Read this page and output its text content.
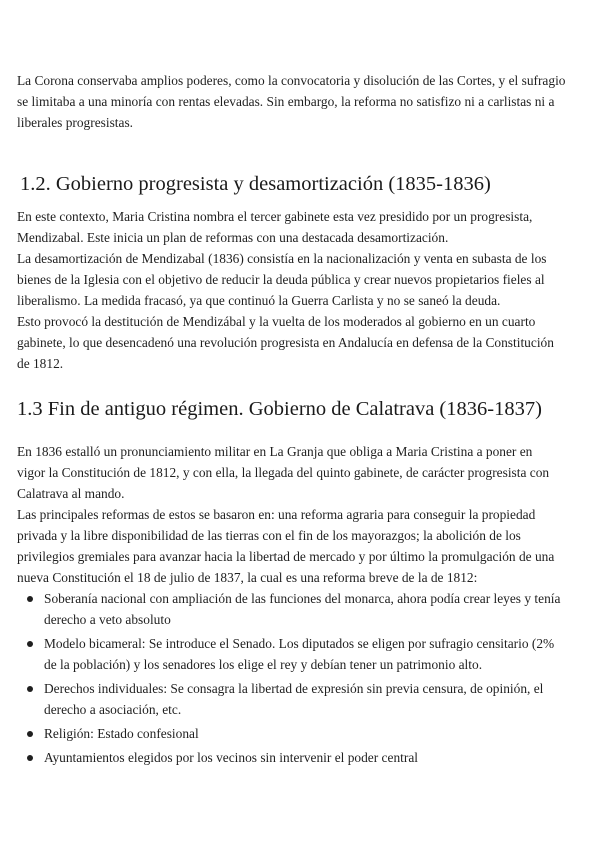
La Corona conservaba amplios poderes, como la convocatoria y disolución de las Cortes, y el sufragio
se limitaba a una minoría con rentas elevadas. Sin embargo, la reforma no satisfizo ni a carlistas ni a
liberales progresistas.

1.2. Gobierno progresista y desamortización (1835-1836)

En este contexto, Maria Cristina nombra el tercer gabinete esta vez presidido por un progresista,
Mendizabal. Este inicia un plan de reformas con una destacada desamortización.
La desamortización de Mendizabal (1836) consistía en la nacionalización y venta en subasta de los
bienes de la Iglesia con el objetivo de reducir la deuda pública y crear nuevos propietarios fieles al
liberalismo. La medida fracasó, ya que continuó la Guerra Carlista y no se saneó la deuda.
Esto provocó la destitución de Mendizábal y la vuelta de los moderados al gobierno en un cuarto
gabinete, lo que desencadenó una revolución progresista en Andalucía en defensa de la Constitución
de 1812.

1.3 Fin de antiguo régimen. Gobierno de Calatrava (1836-1837)

En 1836 estalló un pronunciamiento militar en La Granja que obliga a Maria Cristina a poner en
vigor la Constitución de 1812, y con ella, la llegada del quinto gabinete, de carácter progresista con
Calatrava al mando.
Las principales reformas de estos se basaron en: una reforma agraria para conseguir la propiedad
privada y la libre disponibilidad de las tierras con el fin de los mayorazgos; la abolición de los
privilegios gremiales para avanzar hacia la libertad de mercado y por último la promulgación de una
nueva Constitución el 18 de julio de 1837, la cual es una reforma breve de la de 1812:

Soberanía nacional con ampliación de las funciones del monarca, ahora podía crear leyes y tenía
derecho a veto absoluto
Modelo bicameral: Se introduce el Senado. Los diputados se eligen por sufragio censitario (2%
de la población) y los senadores los elige el rey y debían tener un patrimonio alto.
Derechos individuales: Se consagra la libertad de expresión sin previa censura, de opinión, el
derecho a asociación, etc.
Religión: Estado confesional
Ayuntamientos elegidos por los vecinos sin intervenir el poder central
